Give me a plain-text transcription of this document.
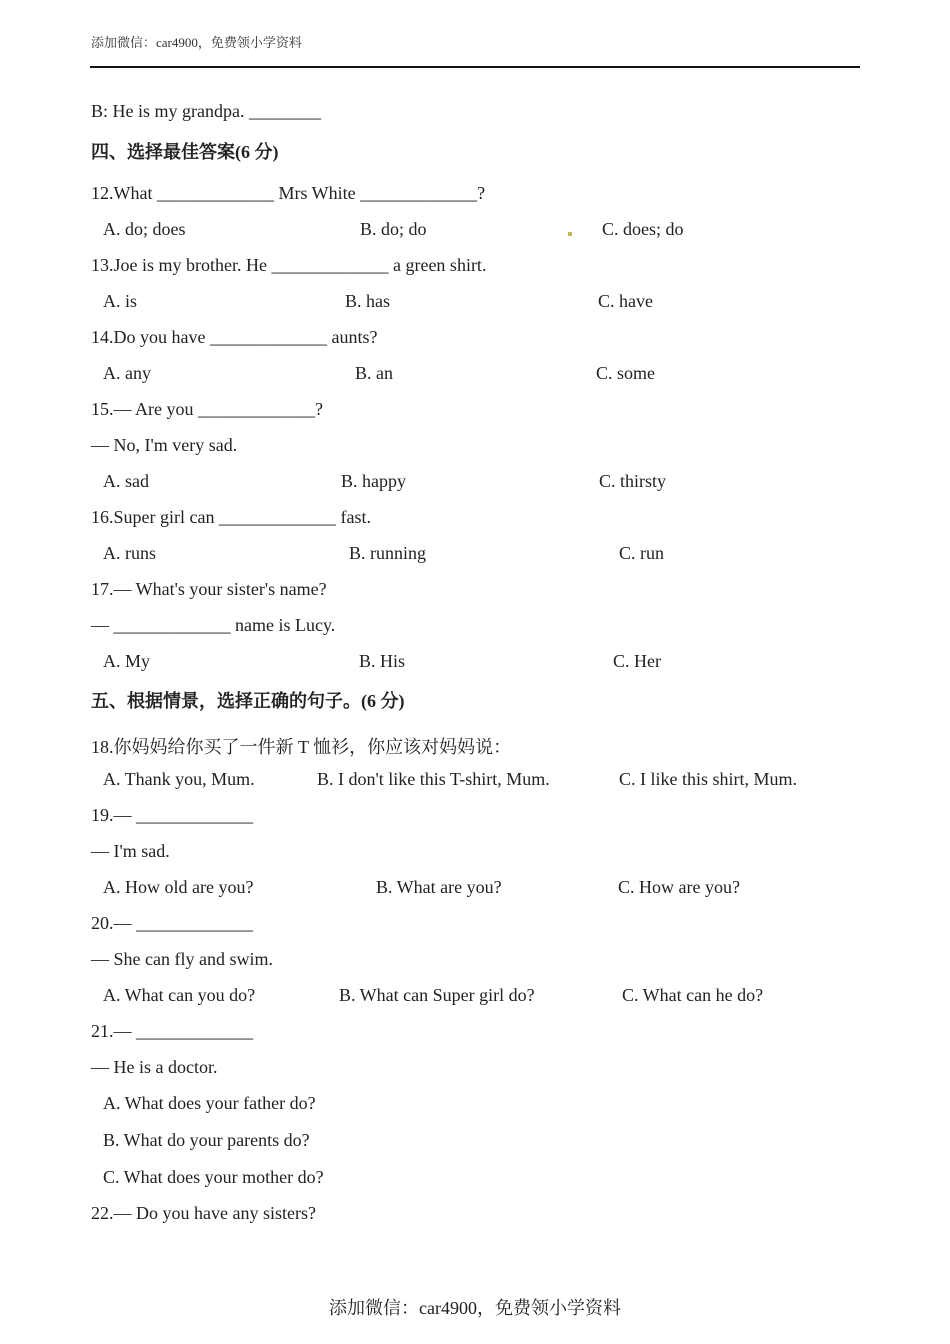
添加微信：car4900，免费领小学资料
B: He is my grandpa. ________
四、选择最佳答案(6 分)
12.What _____________ Mrs White _____________?
A. do; does	B. do; do	C. does; do
13.Joe is my brother. He _____________ a green shirt.
A. is	B. has	C. have
14.Do you have _____________ aunts?
A. any	B. an	C. some
15.— Are you _____________?
— No, I'm very sad.
A. sad	B. happy	C. thirsty
16.Super girl can _____________ fast.
A. runs	B. running	C. run
17.— What's your sister's name?
— _____________ name is Lucy.
A. My	B. His	C. Her
五、根据情景，选择正确的句子。(6 分)
18.你妈妈给你买了一件新 T 恤衫，你应该对妈妈说：
A. Thank you, Mum.	B. I don't like this T-shirt, Mum.	C. I like this shirt, Mum.
19.— _____________
— I'm sad.
A. How old are you?	B. What are you?	C. How are you?
20.— _____________
— She can fly and swim.
A. What can you do?	B. What can Super girl do?	C. What can he do?
21.— _____________
— He is a doctor.
A. What does your father do?
B. What do your parents do?
C. What does your mother do?
22.— Do you have any sisters?
添加微信：car4900，免费领小学资料
